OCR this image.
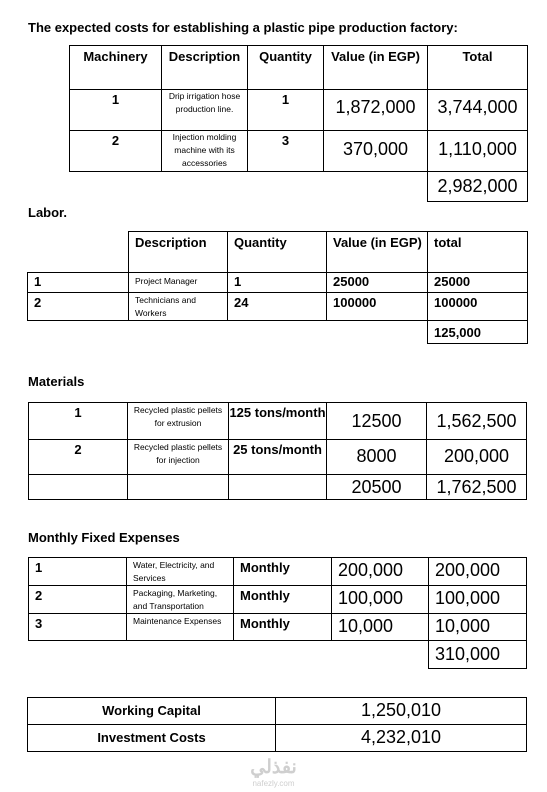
The expected costs for establishing a plastic pipe production factory:
Machinery	Description	Quantity	Value (in EGP)	Total
1	Drip irrigation hose production line.	1	1,872,000	3,744,000
2	Injection molding machine with its accessories	3	370,000	1,110,000
				2,982,000
Labor.
	Description	Quantity	Value (in EGP)	total
1	Project Manager	1	25000	25000
2	Technicians and Workers	24	100000	100000
				125,000
Materials
1	Recycled plastic pellets for extrusion	125 tons/month	12500	1,562,500
2	Recycled plastic pellets for injection	25 tons/month	8000	200,000
			20500	1,762,500
Monthly Fixed Expenses
1	Water, Electricity, and Services	Monthly	200,000	200,000
2	Packaging, Marketing, and Transportation	Monthly	100,000	100,000
3	Maintenance Expenses	Monthly	10,000	10,000
				310,000
Working Capital	1,250,010
Investment Costs	4,232,010
نفذلي
nafezly.com
